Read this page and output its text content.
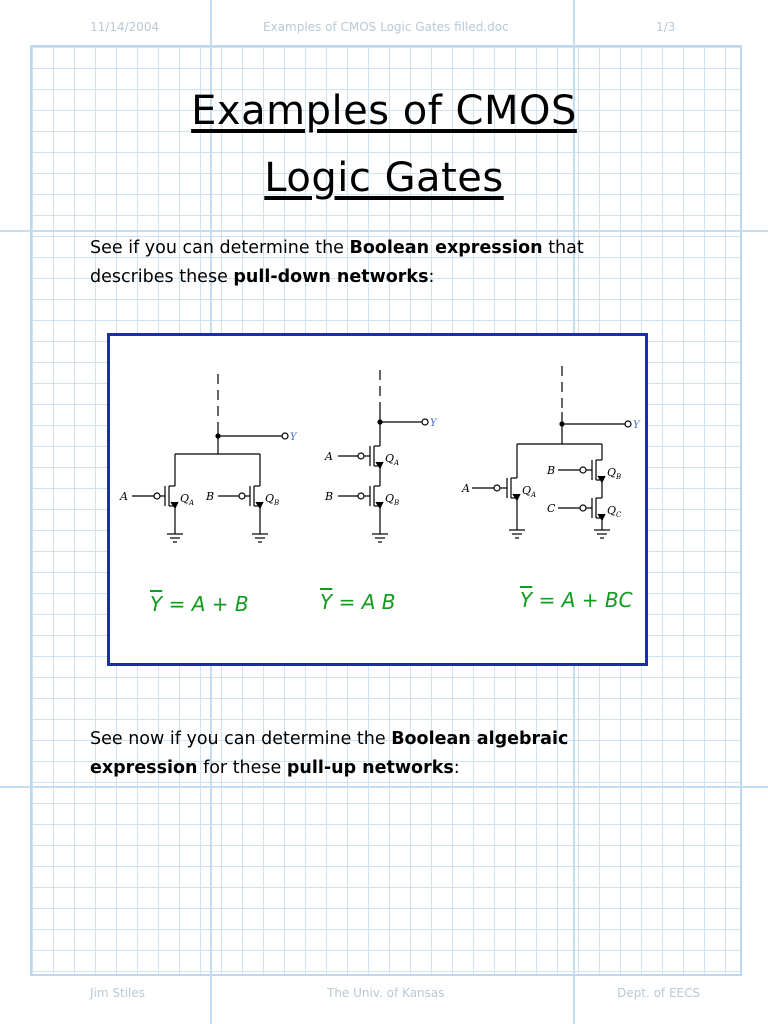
11/14/2004	Examples of CMOS Logic Gates filled.doc	1/3
Examples of CMOS
Logic Gates
See if you can determine the Boolean expression that
describes these pull-down networks:
A	$Q_A$ B	$Q_B$
Y
A	$Q_A$
B	$Q_B$
Y
A	$Q_A$
B	$Q_B$
C	$Q_C$
Y
$\overline{Y} = A + B$	$\overline{Y} = A$ B	$\overline{Y} = A$ + BC
See now if you can determine the Boolean algebraic
expression for these pull-up networks:
Jim Stiles	The Univ. of Kansas	Dept. of EECS
